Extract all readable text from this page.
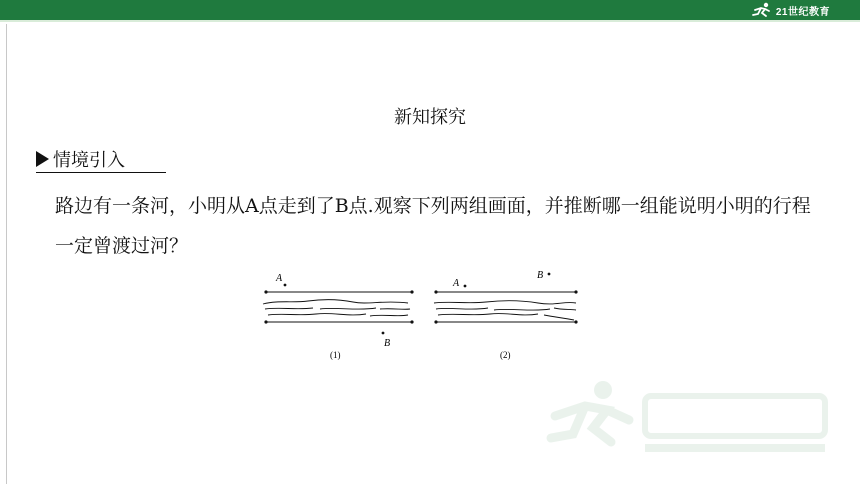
21世纪教育
新知探究
情境引入
路边有一条河，小明从A点走到了B点.观察下列两组画面，并推断哪一组能说明小明的行程一定曾渡过河？
A
B
(1)
A
B
(2)
